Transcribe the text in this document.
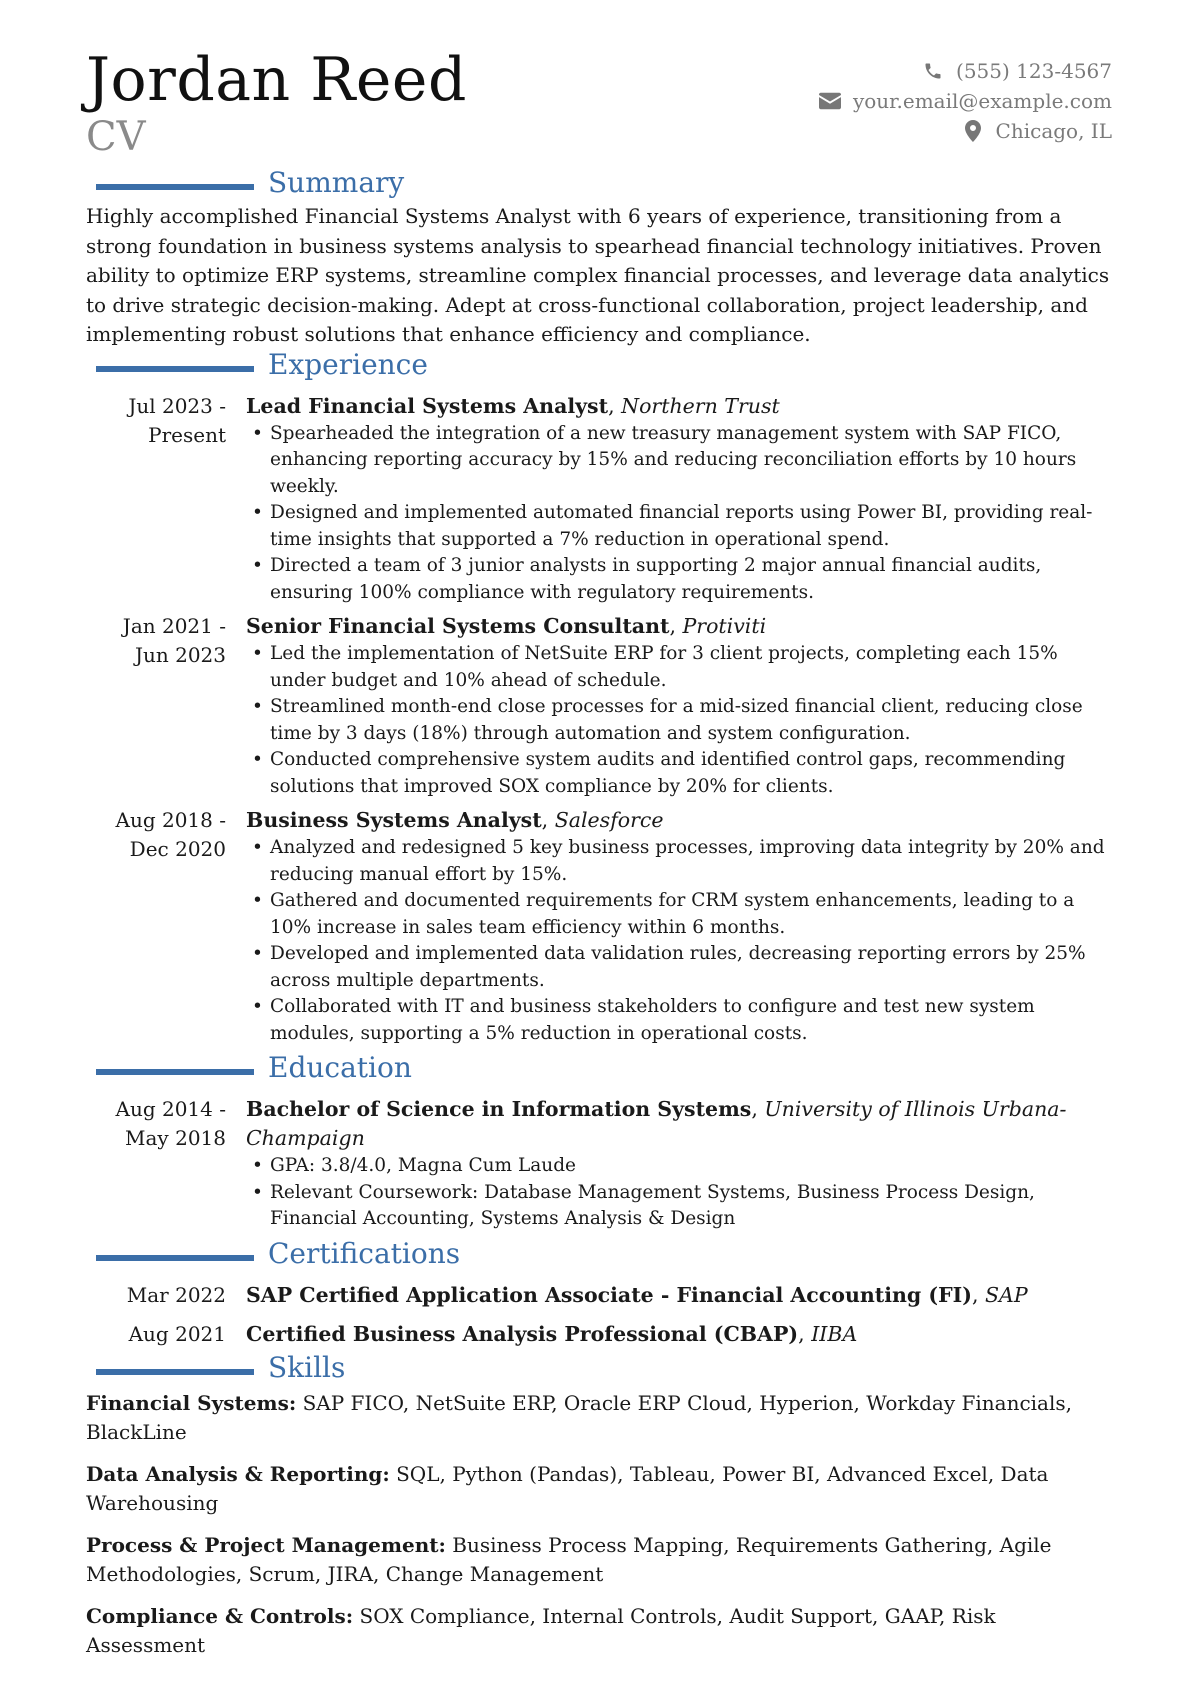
Jordan Reed
CV
(555) 123-4567
your.email@example.com
Chicago, IL
Summary
Highly accomplished Financial Systems Analyst with 6 years of experience, transitioning from a strong foundation in business systems analysis to spearhead financial technology initiatives. Proven ability to optimize ERP systems, streamline complex financial processes, and leverage data analytics to drive strategic decision-making. Adept at cross-functional collaboration, project leadership, and implementing robust solutions that enhance efficiency and compliance.
Experience
Jul 2023 - Present
Lead Financial Systems Analyst, Northern Trust
• Spearheaded the integration of a new treasury management system with SAP FICO, enhancing reporting accuracy by 15% and reducing reconciliation efforts by 10 hours weekly.
• Designed and implemented automated financial reports using Power BI, providing real-time insights that supported a 7% reduction in operational spend.
• Directed a team of 3 junior analysts in supporting 2 major annual financial audits, ensuring 100% compliance with regulatory requirements.
Jan 2021 - Jun 2023
Senior Financial Systems Consultant, Protiviti
• Led the implementation of NetSuite ERP for 3 client projects, completing each 15% under budget and 10% ahead of schedule.
• Streamlined month-end close processes for a mid-sized financial client, reducing close time by 3 days (18%) through automation and system configuration.
• Conducted comprehensive system audits and identified control gaps, recommending solutions that improved SOX compliance by 20% for clients.
Aug 2018 - Dec 2020
Business Systems Analyst, Salesforce
• Analyzed and redesigned 5 key business processes, improving data integrity by 20% and reducing manual effort by 15%.
• Gathered and documented requirements for CRM system enhancements, leading to a 10% increase in sales team efficiency within 6 months.
• Developed and implemented data validation rules, decreasing reporting errors by 25% across multiple departments.
• Collaborated with IT and business stakeholders to configure and test new system modules, supporting a 5% reduction in operational costs.
Education
Aug 2014 - May 2018
Bachelor of Science in Information Systems, University of Illinois Urbana-Champaign
• GPA: 3.8/4.0, Magna Cum Laude
• Relevant Coursework: Database Management Systems, Business Process Design, Financial Accounting, Systems Analysis & Design
Certifications
Mar 2022 SAP Certified Application Associate - Financial Accounting (FI), SAP
Aug 2021 Certified Business Analysis Professional (CBAP), IIBA
Skills
Financial Systems: SAP FICO, NetSuite ERP, Oracle ERP Cloud, Hyperion, Workday Financials, BlackLine
Data Analysis & Reporting: SQL, Python (Pandas), Tableau, Power BI, Advanced Excel, Data Warehousing
Process & Project Management: Business Process Mapping, Requirements Gathering, Agile Methodologies, Scrum, JIRA, Change Management
Compliance & Controls: SOX Compliance, Internal Controls, Audit Support, GAAP, Risk Assessment
